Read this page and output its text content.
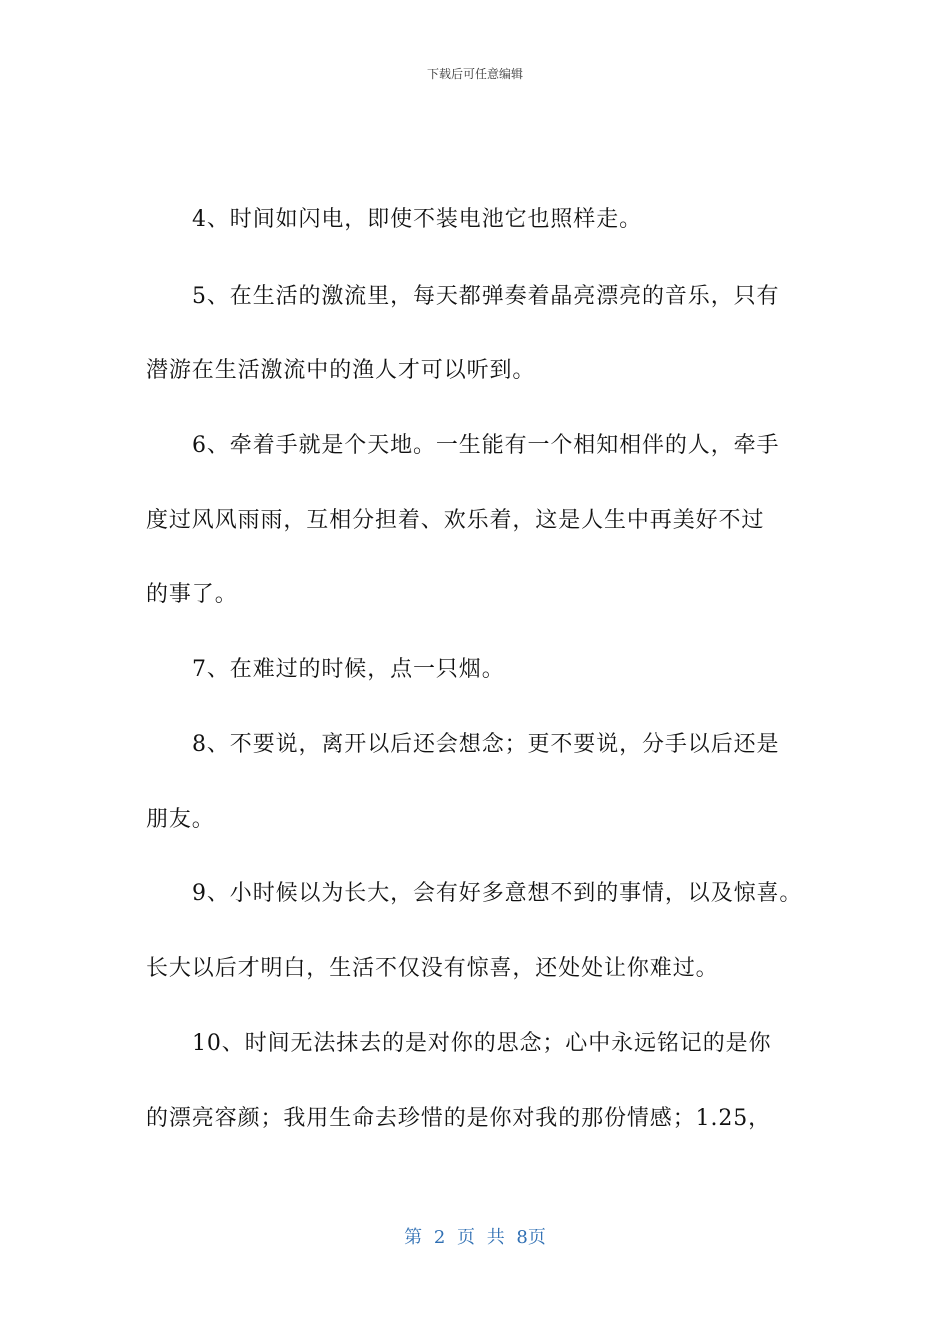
下载后可任意编辑
4、时间如闪电，即使不装电池它也照样走。
5、在生活的激流里，每天都弹奏着晶亮漂亮的音乐，只有
潜游在生活激流中的渔人才可以听到。
6、牵着手就是个天地。一生能有一个相知相伴的人，牵手
度过风风雨雨，互相分担着、欢乐着，这是人生中再美好不过
的事了。
7、在难过的时候，点一只烟。
8、不要说，离开以后还会想念；更不要说，分手以后还是
朋友。
9、小时候以为长大，会有好多意想不到的事情，以及惊喜。
长大以后才明白，生活不仅没有惊喜，还处处让你难过。
10、时间无法抹去的是对你的思念；心中永远铭记的是你
的漂亮容颜；我用生命去珍惜的是你对我的那份情感；1.25，
第 2 页 共 8页
